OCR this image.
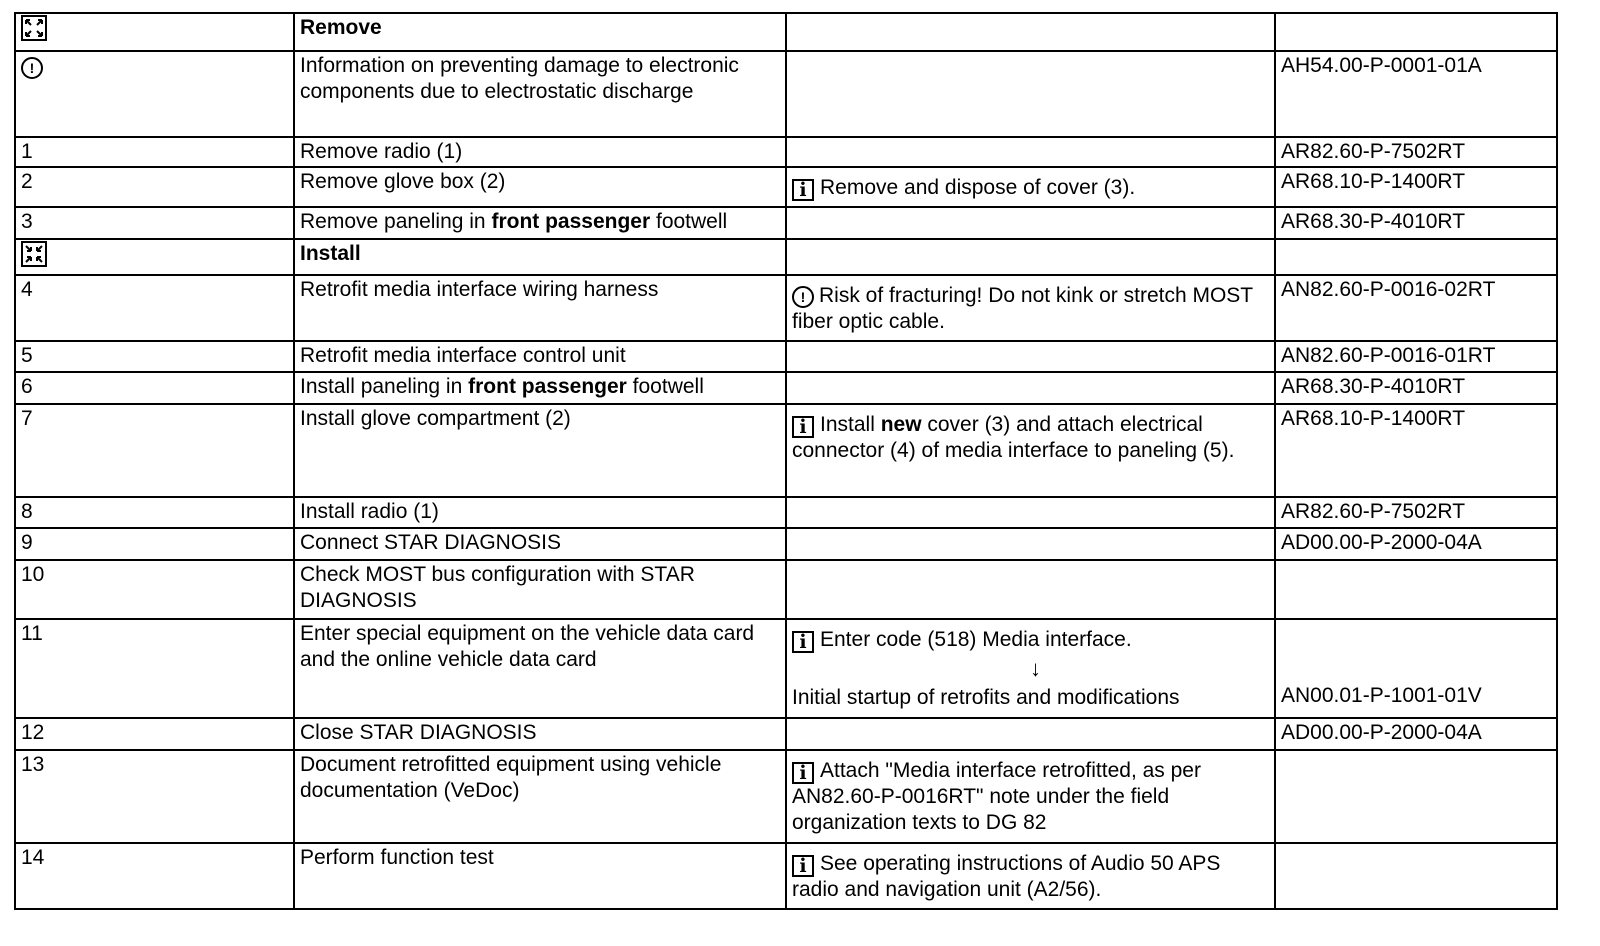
	Remove		
!	Information on preventing damage to electronic components due to electrostatic discharge		AH54.00-P-0001-01A
1	Remove radio (1)		AR82.60-P-7502RT
2	Remove glove box (2)	i Remove and dispose of cover (3).	AR68.10-P-1400RT
3	Remove paneling in front passenger footwell		AR68.30-P-4010RT
	Install		
4	Retrofit media interface wiring harness	! Risk of fracturing! Do not kink or stretch MOST fiber optic cable.	AN82.60-P-0016-02RT
5	Retrofit media interface control unit		AN82.60-P-0016-01RT
6	Install paneling in front passenger footwell		AR68.30-P-4010RT
7	Install glove compartment (2)	i Install new cover (3) and attach electrical connector (4) of media interface to paneling (5).	AR68.10-P-1400RT
8	Install radio (1)		AR82.60-P-7502RT
9	Connect STAR DIAGNOSIS		AD00.00-P-2000-04A
10	Check MOST bus configuration with STAR DIAGNOSIS		
11	Enter special equipment on the vehicle data card and the online vehicle data card	i Enter code (518) Media interface.
↓
Initial startup of retrofits and modifications	AN00.01-P-1001-01V

12	Close STAR DIAGNOSIS		AD00.00-P-2000-04A
13	Document retrofitted equipment using vehicle documentation (VeDoc)	i Attach "Media interface retrofitted, as per AN82.60-P-0016RT" note under the field organization texts to DG 82	
14	Perform function test	i See operating instructions of Audio 50 APS radio and navigation unit (A2/56).	
